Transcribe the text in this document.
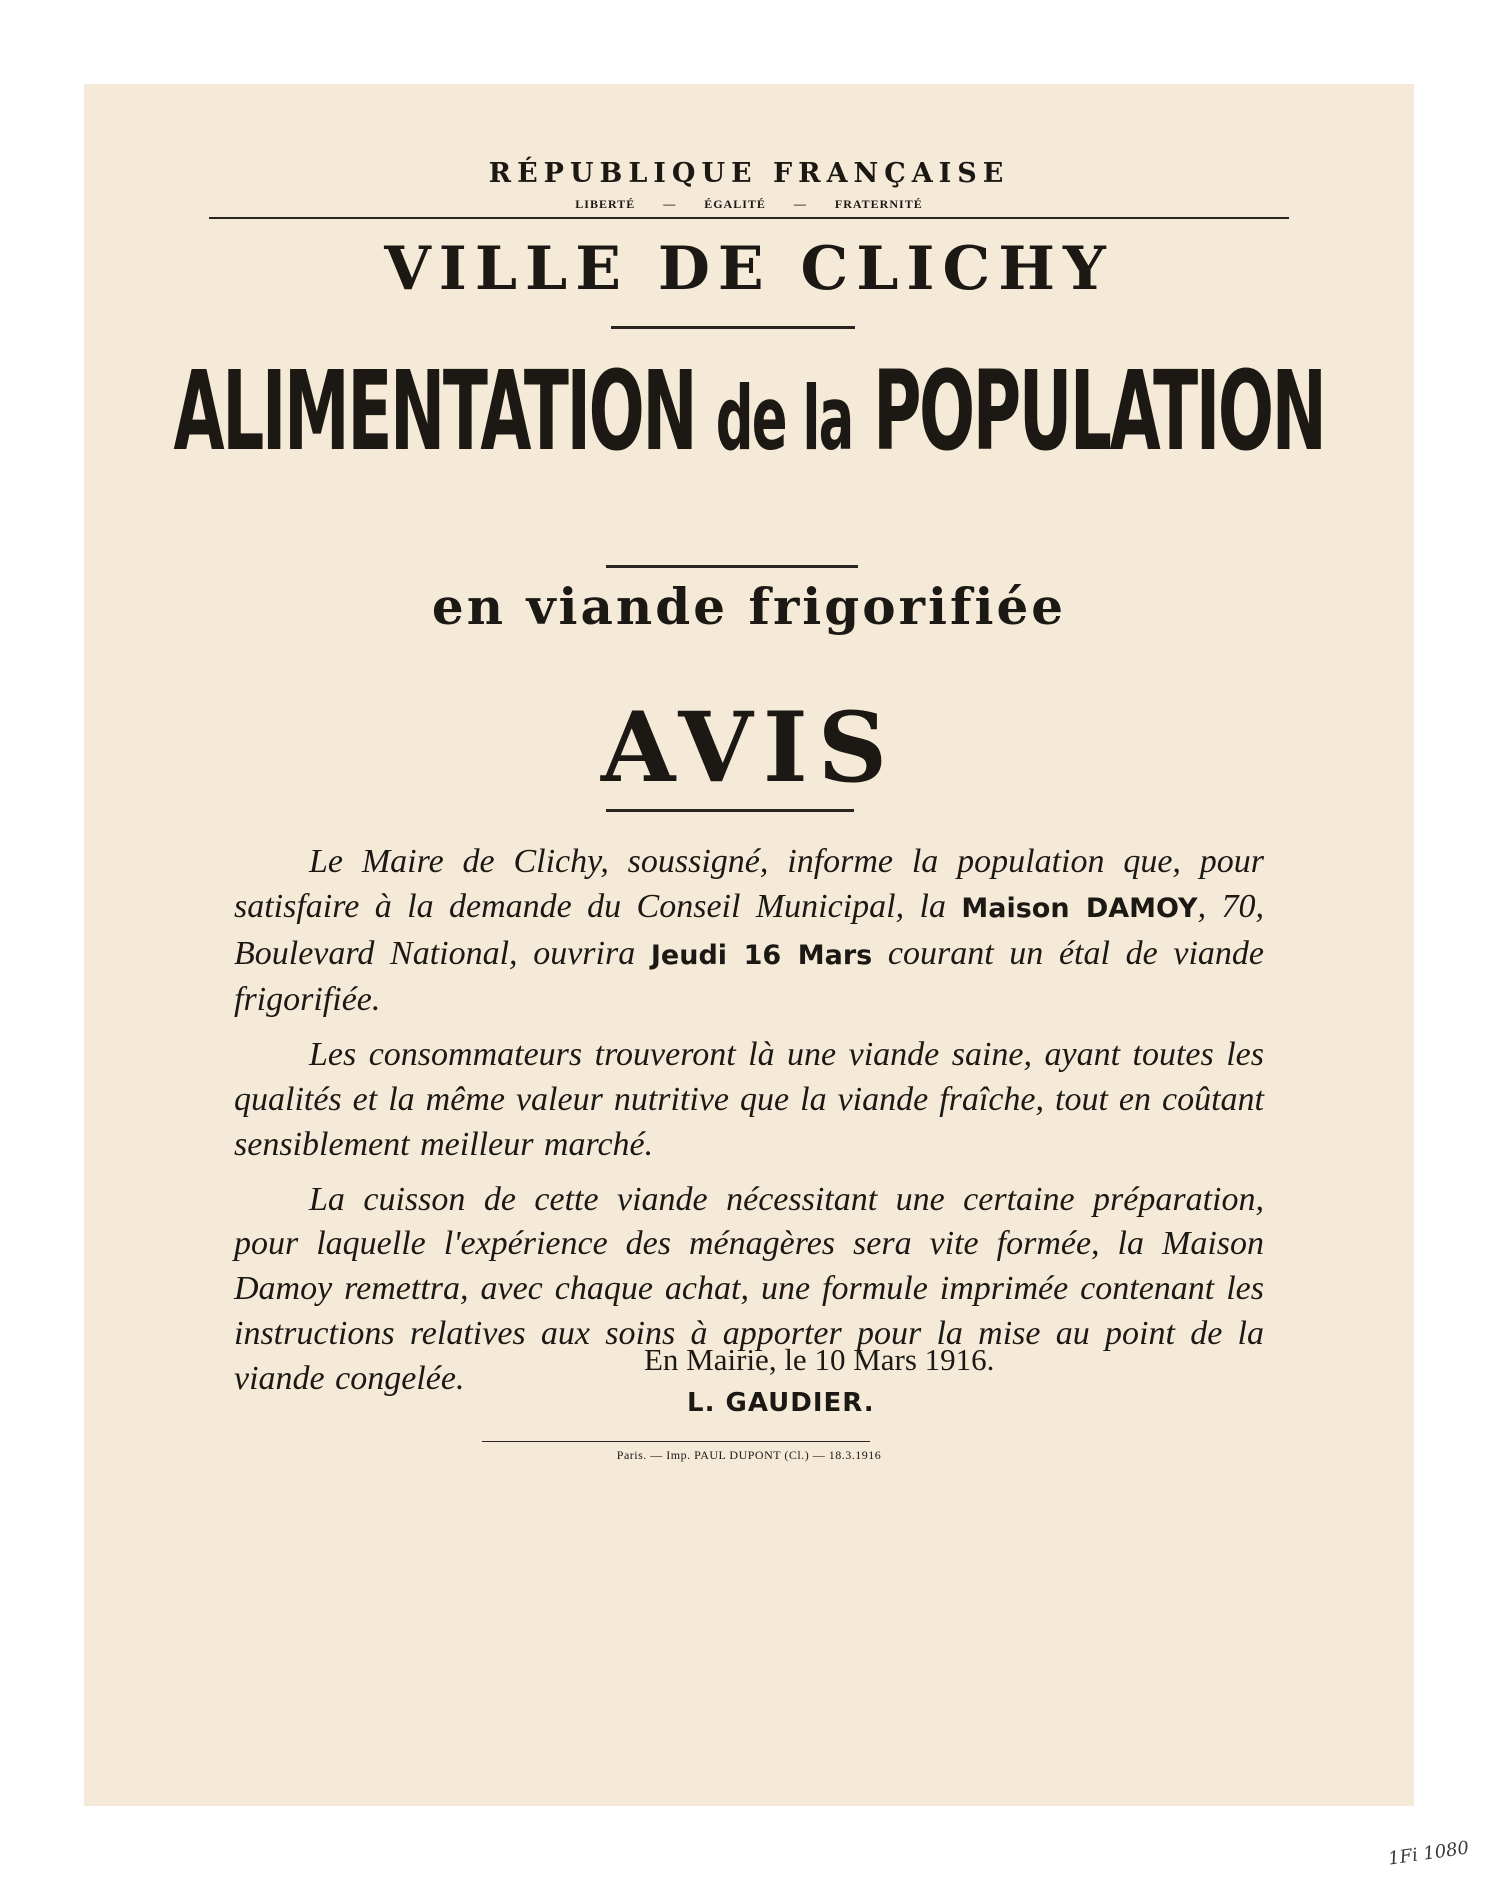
RÉPUBLIQUE FRANÇAISE
LIBERTÉ — ÉGALITÉ — FRATERNITÉ
VILLE DE CLICHY
ALIMENTATION de la POPULATION
en viande frigorifiée
AVIS

Le Maire de Clichy, soussigné, informe la population que, pour satisfaire à la demande du Conseil Municipal, la Maison DAMOY, 70, Boulevard National, ouvrira Jeudi 16 Mars courant un étal de viande frigorifiée.

Les consommateurs trouveront là une viande saine, ayant toutes les qualités et la même valeur nutritive que la viande fraîche, tout en coûtant sensiblement meilleur marché.

La cuisson de cette viande nécessitant une certaine préparation, pour laquelle l'expérience des ménagères sera vite formée, la Maison Damoy remettra, avec chaque achat, une formule imprimée contenant les instructions relatives aux soins à apporter pour la mise au point de la viande congelée.

En Mairie, le 10 Mars 1916.
L. GAUDIER.
Paris. — Imp. PAUL DUPONT (Cl.) — 18.3.1916
1Fi 1080
